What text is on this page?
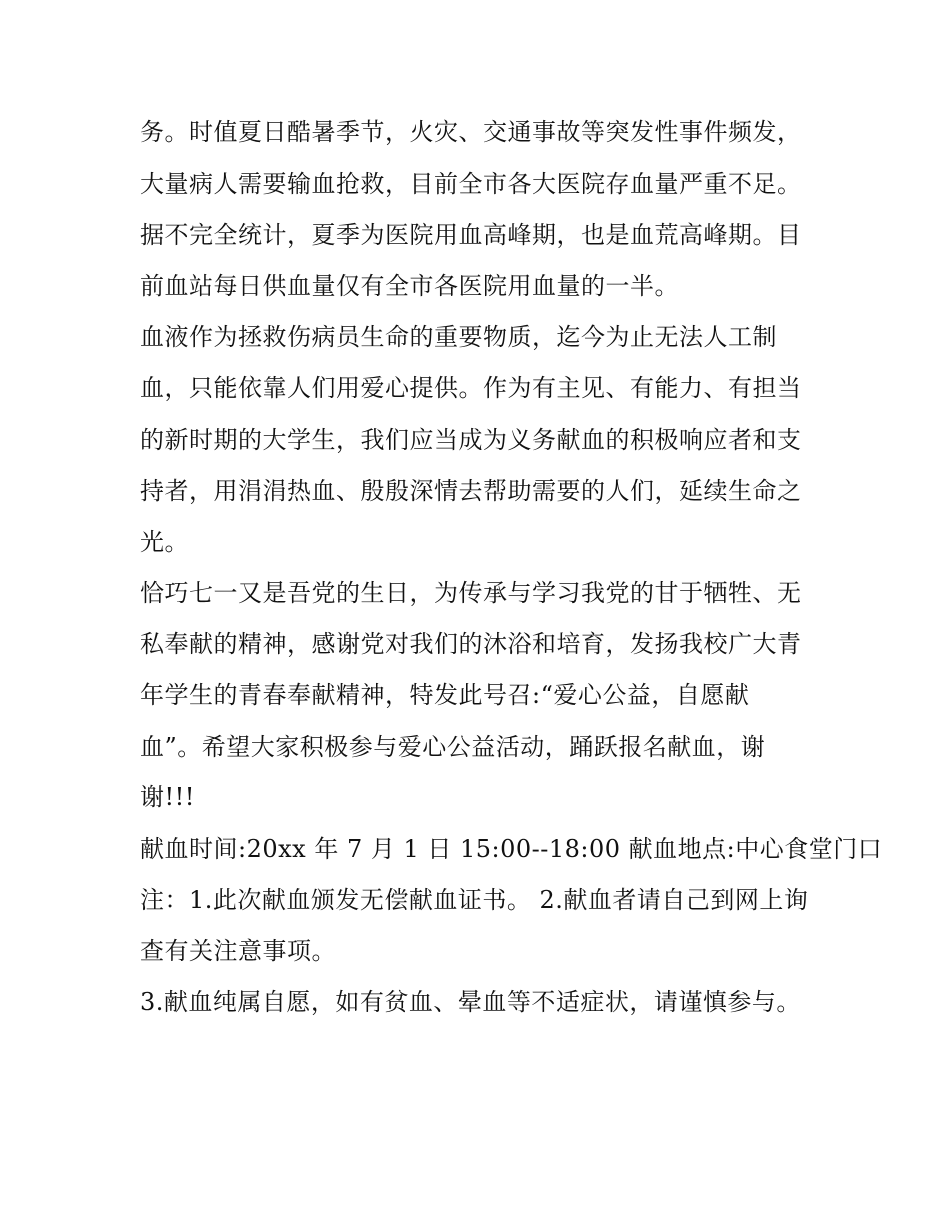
务。时值夏日酷暑季节，火灾、交通事故等突发性事件频发，
大量病人需要输血抢救，目前全市各大医院存血量严重不足。
据不完全统计，夏季为医院用血高峰期，也是血荒高峰期。目
前血站每日供血量仅有全市各医院用血量的一半。
血液作为拯救伤病员生命的重要物质，迄今为止无法人工制
血，只能依靠人们用爱心提供。作为有主见、有能力、有担当
的新时期的大学生，我们应当成为义务献血的积极响应者和支
持者，用涓涓热血、殷殷深情去帮助需要的人们，延续生命之
光。
恰巧七一又是吾党的生日，为传承与学习我党的甘于牺牲、无
私奉献的精神，感谢党对我们的沐浴和培育，发扬我校广大青
年学生的青春奉献精神，特发此号召:“爱心公益，自愿献
血”。希望大家积极参与爱心公益活动，踊跃报名献血，谢
谢!!!
献血时间:20xx 年 7 月 1 日 15:00--18:00 献血地点:中心食堂门口
注：1.此次献血颁发无偿献血证书。 2.献血者请自己到网上询
查有关注意事项。
3.献血纯属自愿，如有贫血、晕血等不适症状，请谨慎参与。
